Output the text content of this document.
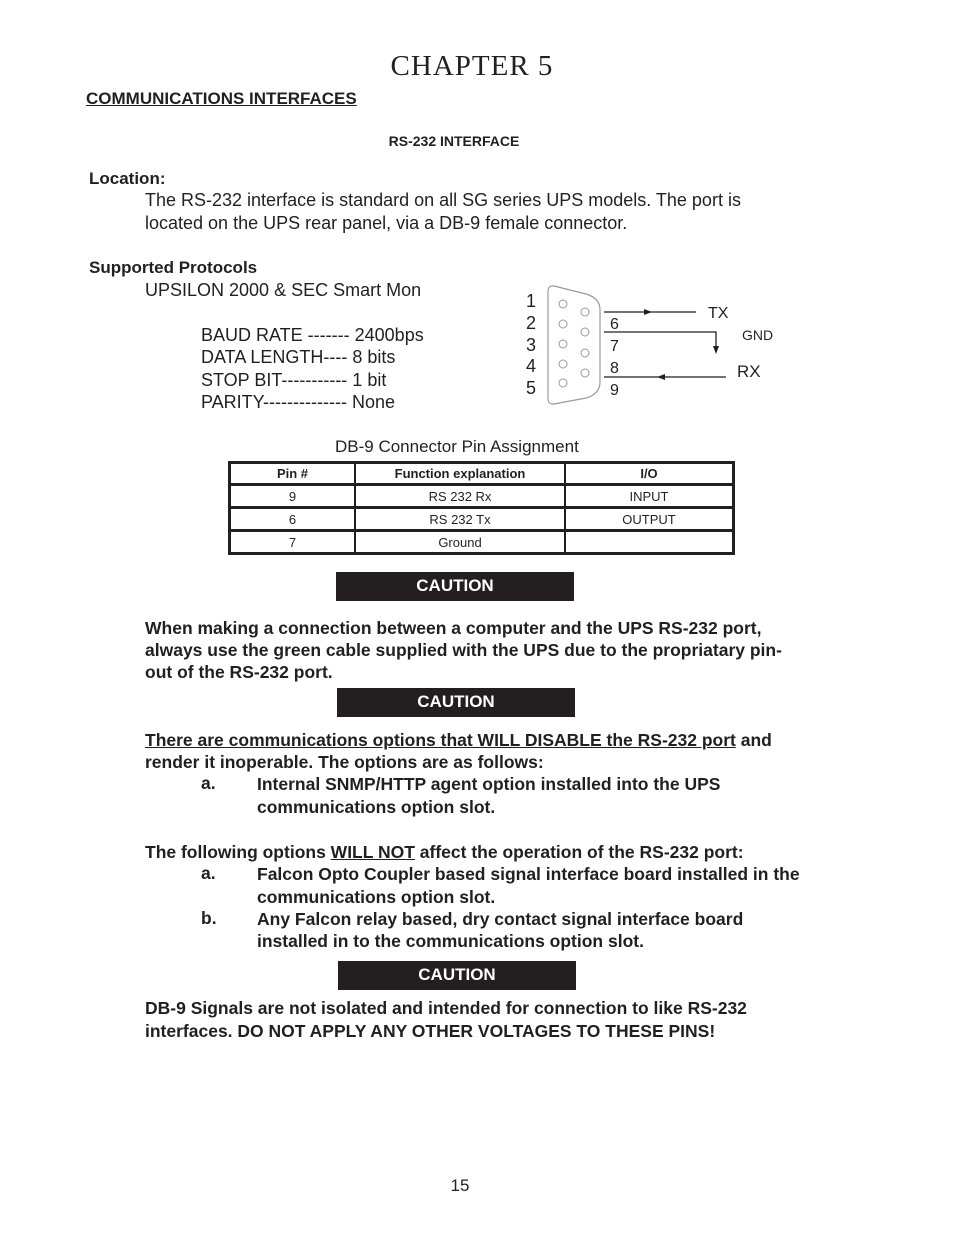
CHAPTER 5
COMMUNICATIONS INTERFACES
RS-232 INTERFACE
Location:
The RS-232 interface is standard on all SG series UPS models. The port is
located on the UPS rear panel, via a DB-9 female connector.
Supported Protocols
UPSILON 2000 & SEC Smart Mon
BAUD RATE ------- 2400bps
DATA LENGTH---- 8 bits
STOP BIT----------- 1 bit
PARITY-------------- None
1
2
3
4
5
6
7
8
9
TX
GND
RX
DB-9 Connector Pin Assignment
Pin #	Function explanation	I/O
9	RS 232 Rx	INPUT
6	RS 232 Tx	OUTPUT
7	Ground	
CAUTION
When making a connection between a computer and the UPS RS-232 port,
always use the green cable supplied with the UPS due to the propriatary pin-
out of the RS-232 port.
CAUTION
There are communications options that WILL DISABLE the RS-232 port and
render it inoperable. The options are as follows:
a. Internal SNMP/HTTP agent option installed into the UPS
communications option slot.
The following options WILL NOT affect the operation of the RS-232 port:
a. Falcon Opto Coupler based signal interface board installed in the
communications option slot.
b. Any Falcon relay based, dry contact signal interface board
installed in to the communications option slot.
CAUTION
DB-9 Signals are not isolated and intended for connection to like RS-232
interfaces. DO NOT APPLY ANY OTHER VOLTAGES TO THESE PINS!
15
